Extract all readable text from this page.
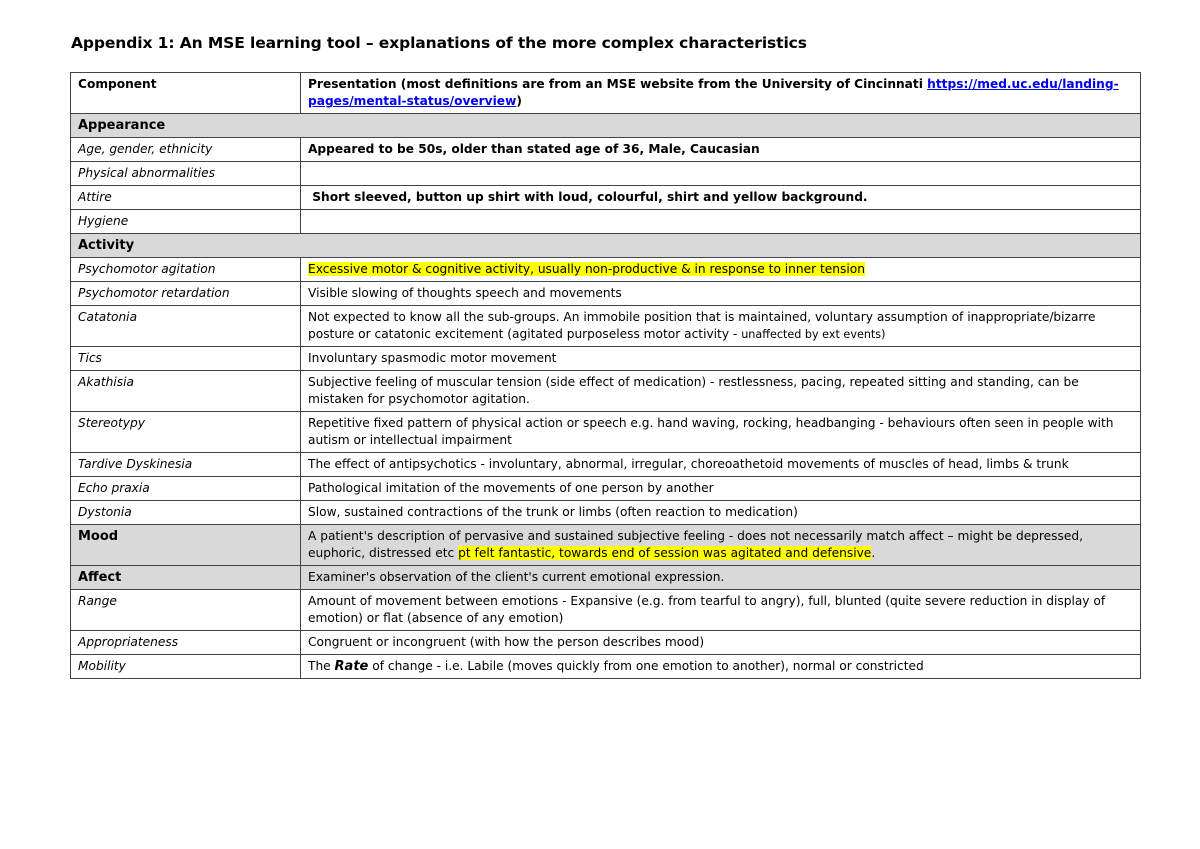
Appendix 1: An MSE learning tool – explanations of the more complex characteristics
Component	Presentation (most definitions are from an MSE website from the University of Cincinnati https://med.uc.edu/landing-pages/mental-status/overview)
Appearance	
Age, gender, ethnicity	Appeared to be 50s, older than stated age of 36, Male, Caucasian
Physical abnormalities	
Attire	Short sleeved, button up shirt with loud, colourful, shirt and yellow background.
Hygiene	
Activity	
Psychomotor agitation	Excessive motor & cognitive activity, usually non-productive & in response to inner tension
Psychomotor retardation	Visible slowing of thoughts speech and movements
Catatonia	Not expected to know all the sub-groups. An immobile position that is maintained, voluntary assumption of inappropriate/bizarre posture or catatonic excitement (agitated purposeless motor activity - unaffected by ext events)
Tics	Involuntary spasmodic motor movement
Akathisia	Subjective feeling of muscular tension (side effect of medication) - restlessness, pacing, repeated sitting and standing, can be mistaken for psychomotor agitation.
Stereotypy	Repetitive fixed pattern of physical action or speech e.g. hand waving, rocking, headbanging - behaviours often seen in people with autism or intellectual impairment
Tardive Dyskinesia	The effect of antipsychotics - involuntary, abnormal, irregular, choreoathetoid movements of muscles of head, limbs & trunk
Echo praxia	Pathological imitation of the movements of one person by another
Dystonia	Slow, sustained contractions of the trunk or limbs (often reaction to medication)
Mood	A patient's description of pervasive and sustained subjective feeling - does not necessarily match affect – might be depressed, euphoric, distressed etc pt felt fantastic, towards end of session was agitated and defensive.
Affect	Examiner's observation of the client's current emotional expression.
Range	Amount of movement between emotions - Expansive (e.g. from tearful to angry), full, blunted (quite severe reduction in display of emotion) or flat (absence of any emotion)
Appropriateness	Congruent or incongruent (with how the person describes mood)
Mobility	The Rate of change - i.e. Labile (moves quickly from one emotion to another), normal or constricted
